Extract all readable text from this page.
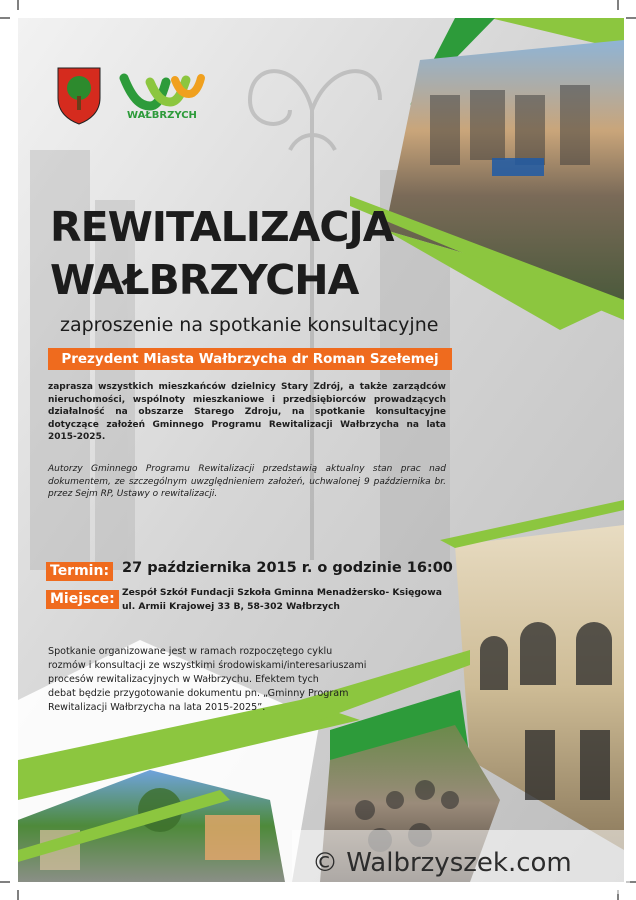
WAŁBRZYCH
REWITALIZACJA
WAŁBRZYCHA
zaproszenie na spotkanie konsultacyjne
Prezydent Miasta Wałbrzycha dr Roman Szełemej
zaprasza wszystkich mieszkańców dzielnicy Stary Zdrój, a także zarządców nieruchomości, wspólnoty mieszkaniowe i przedsiębiorców prowadzących działalność na obszarze Starego Zdroju, na spotkanie konsultacyjne dotyczące założeń Gminnego Programu Rewitalizacji Wałbrzycha na lata 2015-2025.
Autorzy Gminnego Programu Rewitalizacji przedstawią aktualny stan prac nad dokumentem, ze szczególnym uwzględnieniem założeń, uchwalonej 9 października br. przez Sejm RP, Ustawy o rewitalizacji.
Termin: 27 października 2015 r. o godzinie 16:00
Miejsce: Zespół Szkół Fundacji Szkoła Gminna Menadżersko- Księgowa
ul. Armii Krajowej 33 B, 58-302 Wałbrzych
Spotkanie organizowane jest w ramach rozpoczętego cyklu
rozmów i konsultacji ze wszystkimi środowiskami/interesariuszami
procesów rewitalizacyjnych w Wałbrzychu. Efektem tych
debat będzie przygotowanie dokumentu pn. „Gminny Program
Rewitalizacji Wałbrzycha na lata 2015-2025”.
© Walbrzyszek.com
